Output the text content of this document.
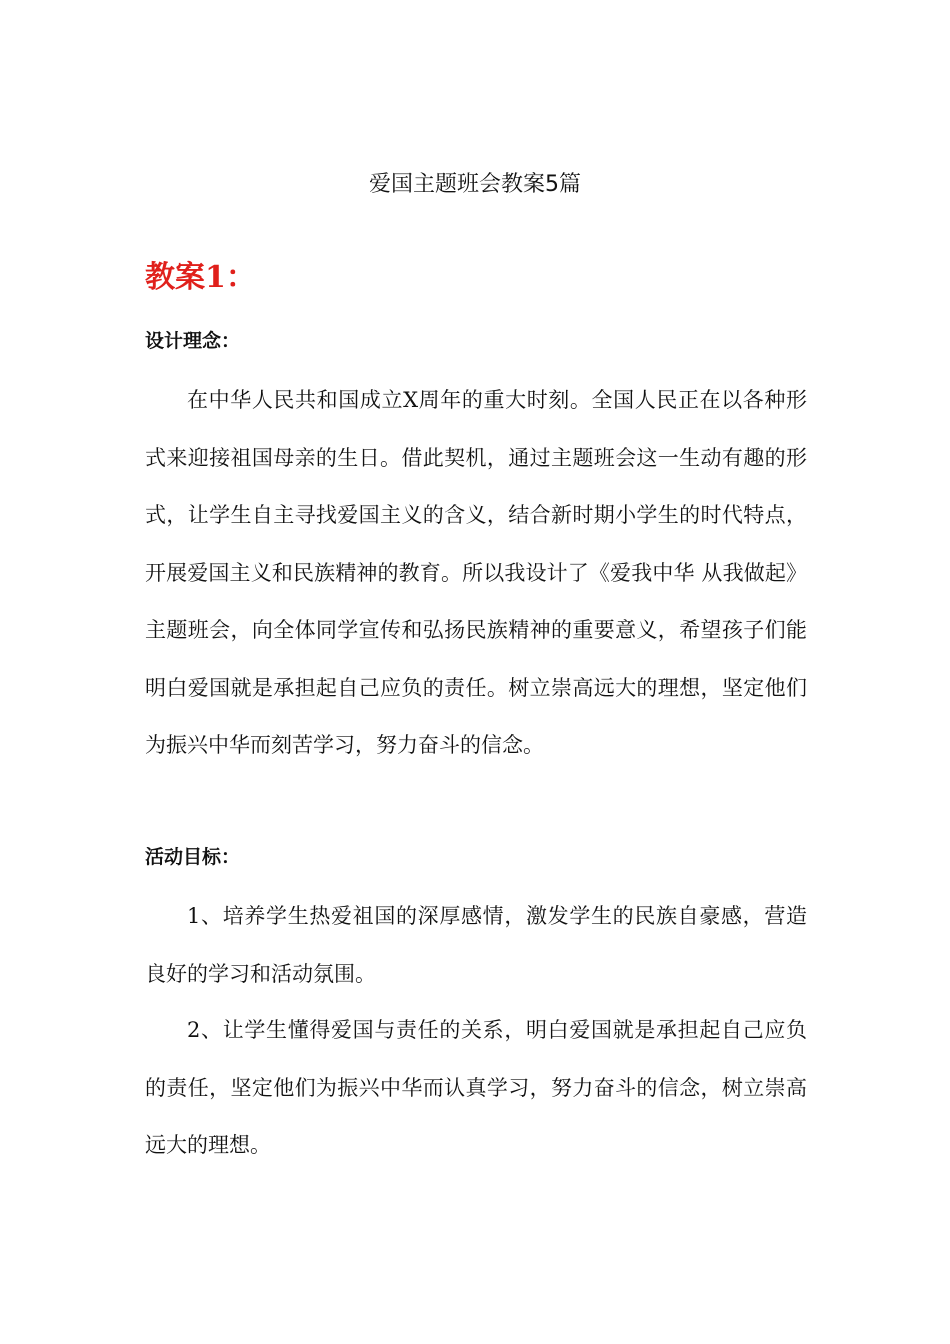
爱国主题班会教案5篇
教案1：
设计理念：

在中华人民共和国成立X周年的重大时刻。全国人民正在以各种形式来迎接祖国母亲的生日。借此契机，通过主题班会这一生动有趣的形式，让学生自主寻找爱国主义的含义，结合新时期小学生的时代特点，开展爱国主义和民族精神的教育。所以我设计了《爱我中华 从我做起》主题班会，向全体同学宣传和弘扬民族精神的重要意义，希望孩子们能明白爱国就是承担起自己应负的责任。树立崇高远大的理想，坚定他们为振兴中华而刻苦学习，努力奋斗的信念。

活动目标：

1、培养学生热爱祖国的深厚感情，激发学生的民族自豪感，营造良好的学习和活动氛围。

2、让学生懂得爱国与责任的关系，明白爱国就是承担起自己应负的责任，坚定他们为振兴中华而认真学习，努力奋斗的信念，树立崇高远大的理想。
